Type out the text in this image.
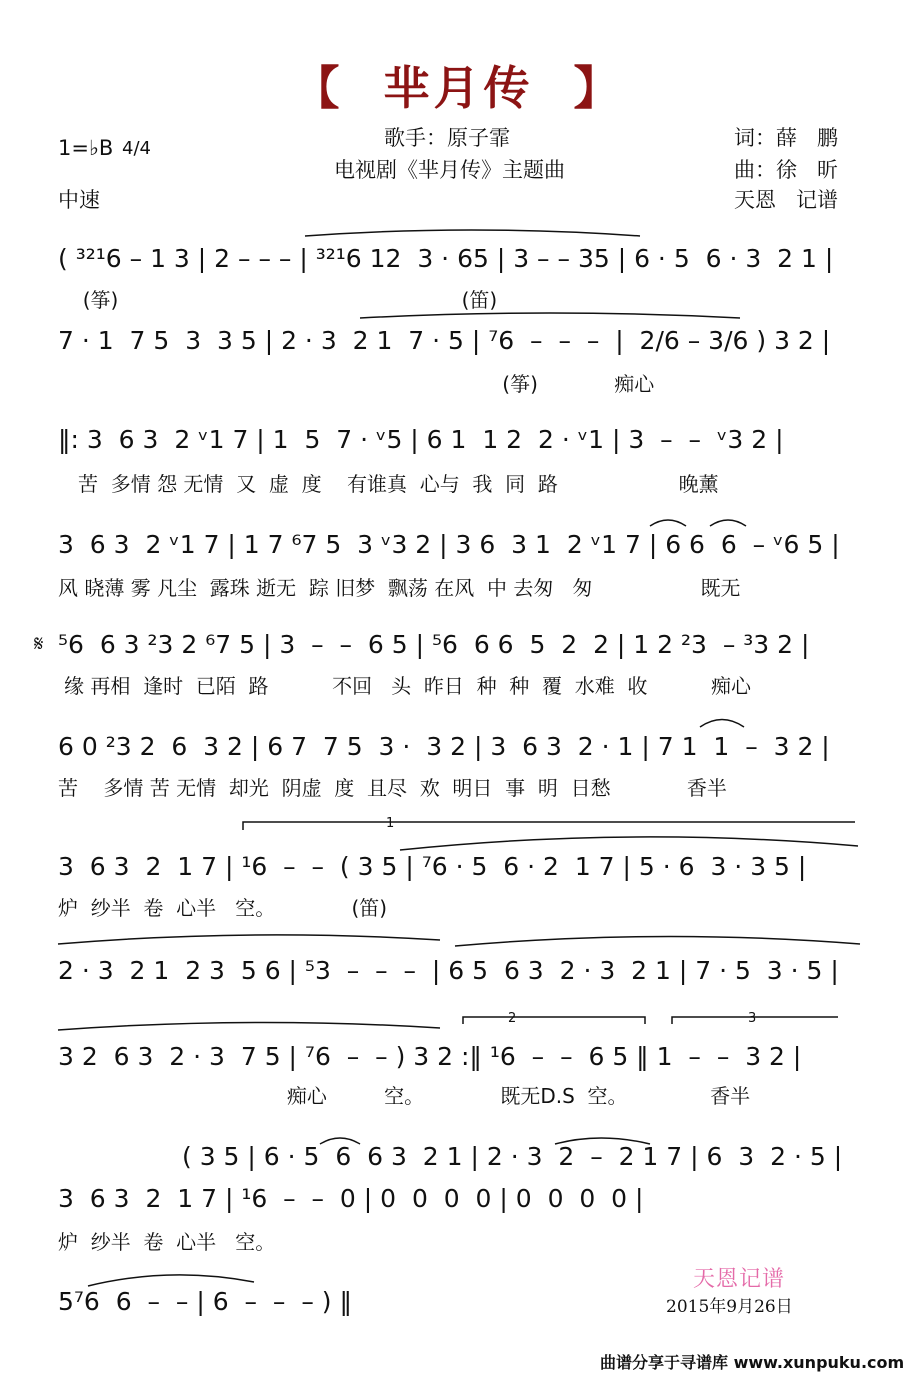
【  芈月传  】
1=♭B 4/4
中速
歌手：原子霏
电视剧《芈月传》主题曲
词：薛   鹏
曲：徐   昕
天恩   记谱
( ³²¹6 – 1 3 | 2 – – – | ³²¹6 12  3 · 65 | 3 – – 35 | 6 · 5  6 · 3  2 1 |
(筝)                                                      (笛)
7 · 1  7 5  3  3 5 | 2 · 3  2 1  7 · 5 | ⁷6  –  –  –  |  2/6 – 3/6 ) 3 2 |
(筝)            痴心
‖: 3  6 3  2 ᵛ1 7 | 1  5  7 · ᵛ5 | 6 1  1 2  2 · ᵛ1 | 3  –  –  ᵛ3 2 |
苦  多情 怨 无情  又  虚  度    有谁真  心与  我  同  路                   晚薰
3  6 3  2 ᵛ1 7 | 1 7 ⁶7 5  3 ᵛ3 2 | 3 6  3 1  2 ᵛ1 7 | 6 6  6  – ᵛ6 5 |
风 晓薄 雾 凡尘  露珠 逝无  踪 旧梦  飘荡 在风  中 去匆   匆                 既无
𝄋 ⁵6  6 3 ²3 2 ⁶7 5 | 3  –  –  6 5 | ⁵6  6 6  5  2  2 | 1 2 ²3  – ³3 2 |
缘 再相  逢时  已陌  路          不回   头  昨日  种  种  覆  水难  收          痴心
6 0 ²3 2  6  3 2 | 6 7  7 5  3 ·  3 2 | 3  6 3  2 · 1 | 7 1  1  –  3 2 |
苦    多情 苦 无情  却光  阴虚  度  且尽  欢  明日  事  明  日愁            香半
1
3  6 3  2  1 7 | ¹6  –  –  ( 3 5 | ⁷6 · 5  6 · 2  1 7 | 5 · 6  3 · 3 5 |
炉  纱半  卷  心半   空。            (笛)
2 · 3  2 1  2 3  5 6 | ⁵3  –  –  –  | 6 5  6 3  2 · 3  2 1 | 7 · 5  3 · 5 |
2	3
3 2  6 3  2 · 3  7 5 | ⁷6  –  – ) 3 2 :‖ ¹6  –  –  6 5 ‖ 1  –  –  3 2 |
痴心         空。            既无D.S  空。             香半
( 3 5 | 6 · 5  6  6 3  2 1 | 2 · 3  2  –  2 1 7 | 6  3  2 · 5 |
3  6 3  2  1 7 | ¹6  –  –  0 | 0  0  0  0 | 0  0  0  0 |
炉  纱半  卷  心半   空。
5⁷6  6  –  – | 6  –  –  – ) ‖
天恩记谱
2015年9月26日
曲谱分享于寻谱库 www.xunpuku.com
